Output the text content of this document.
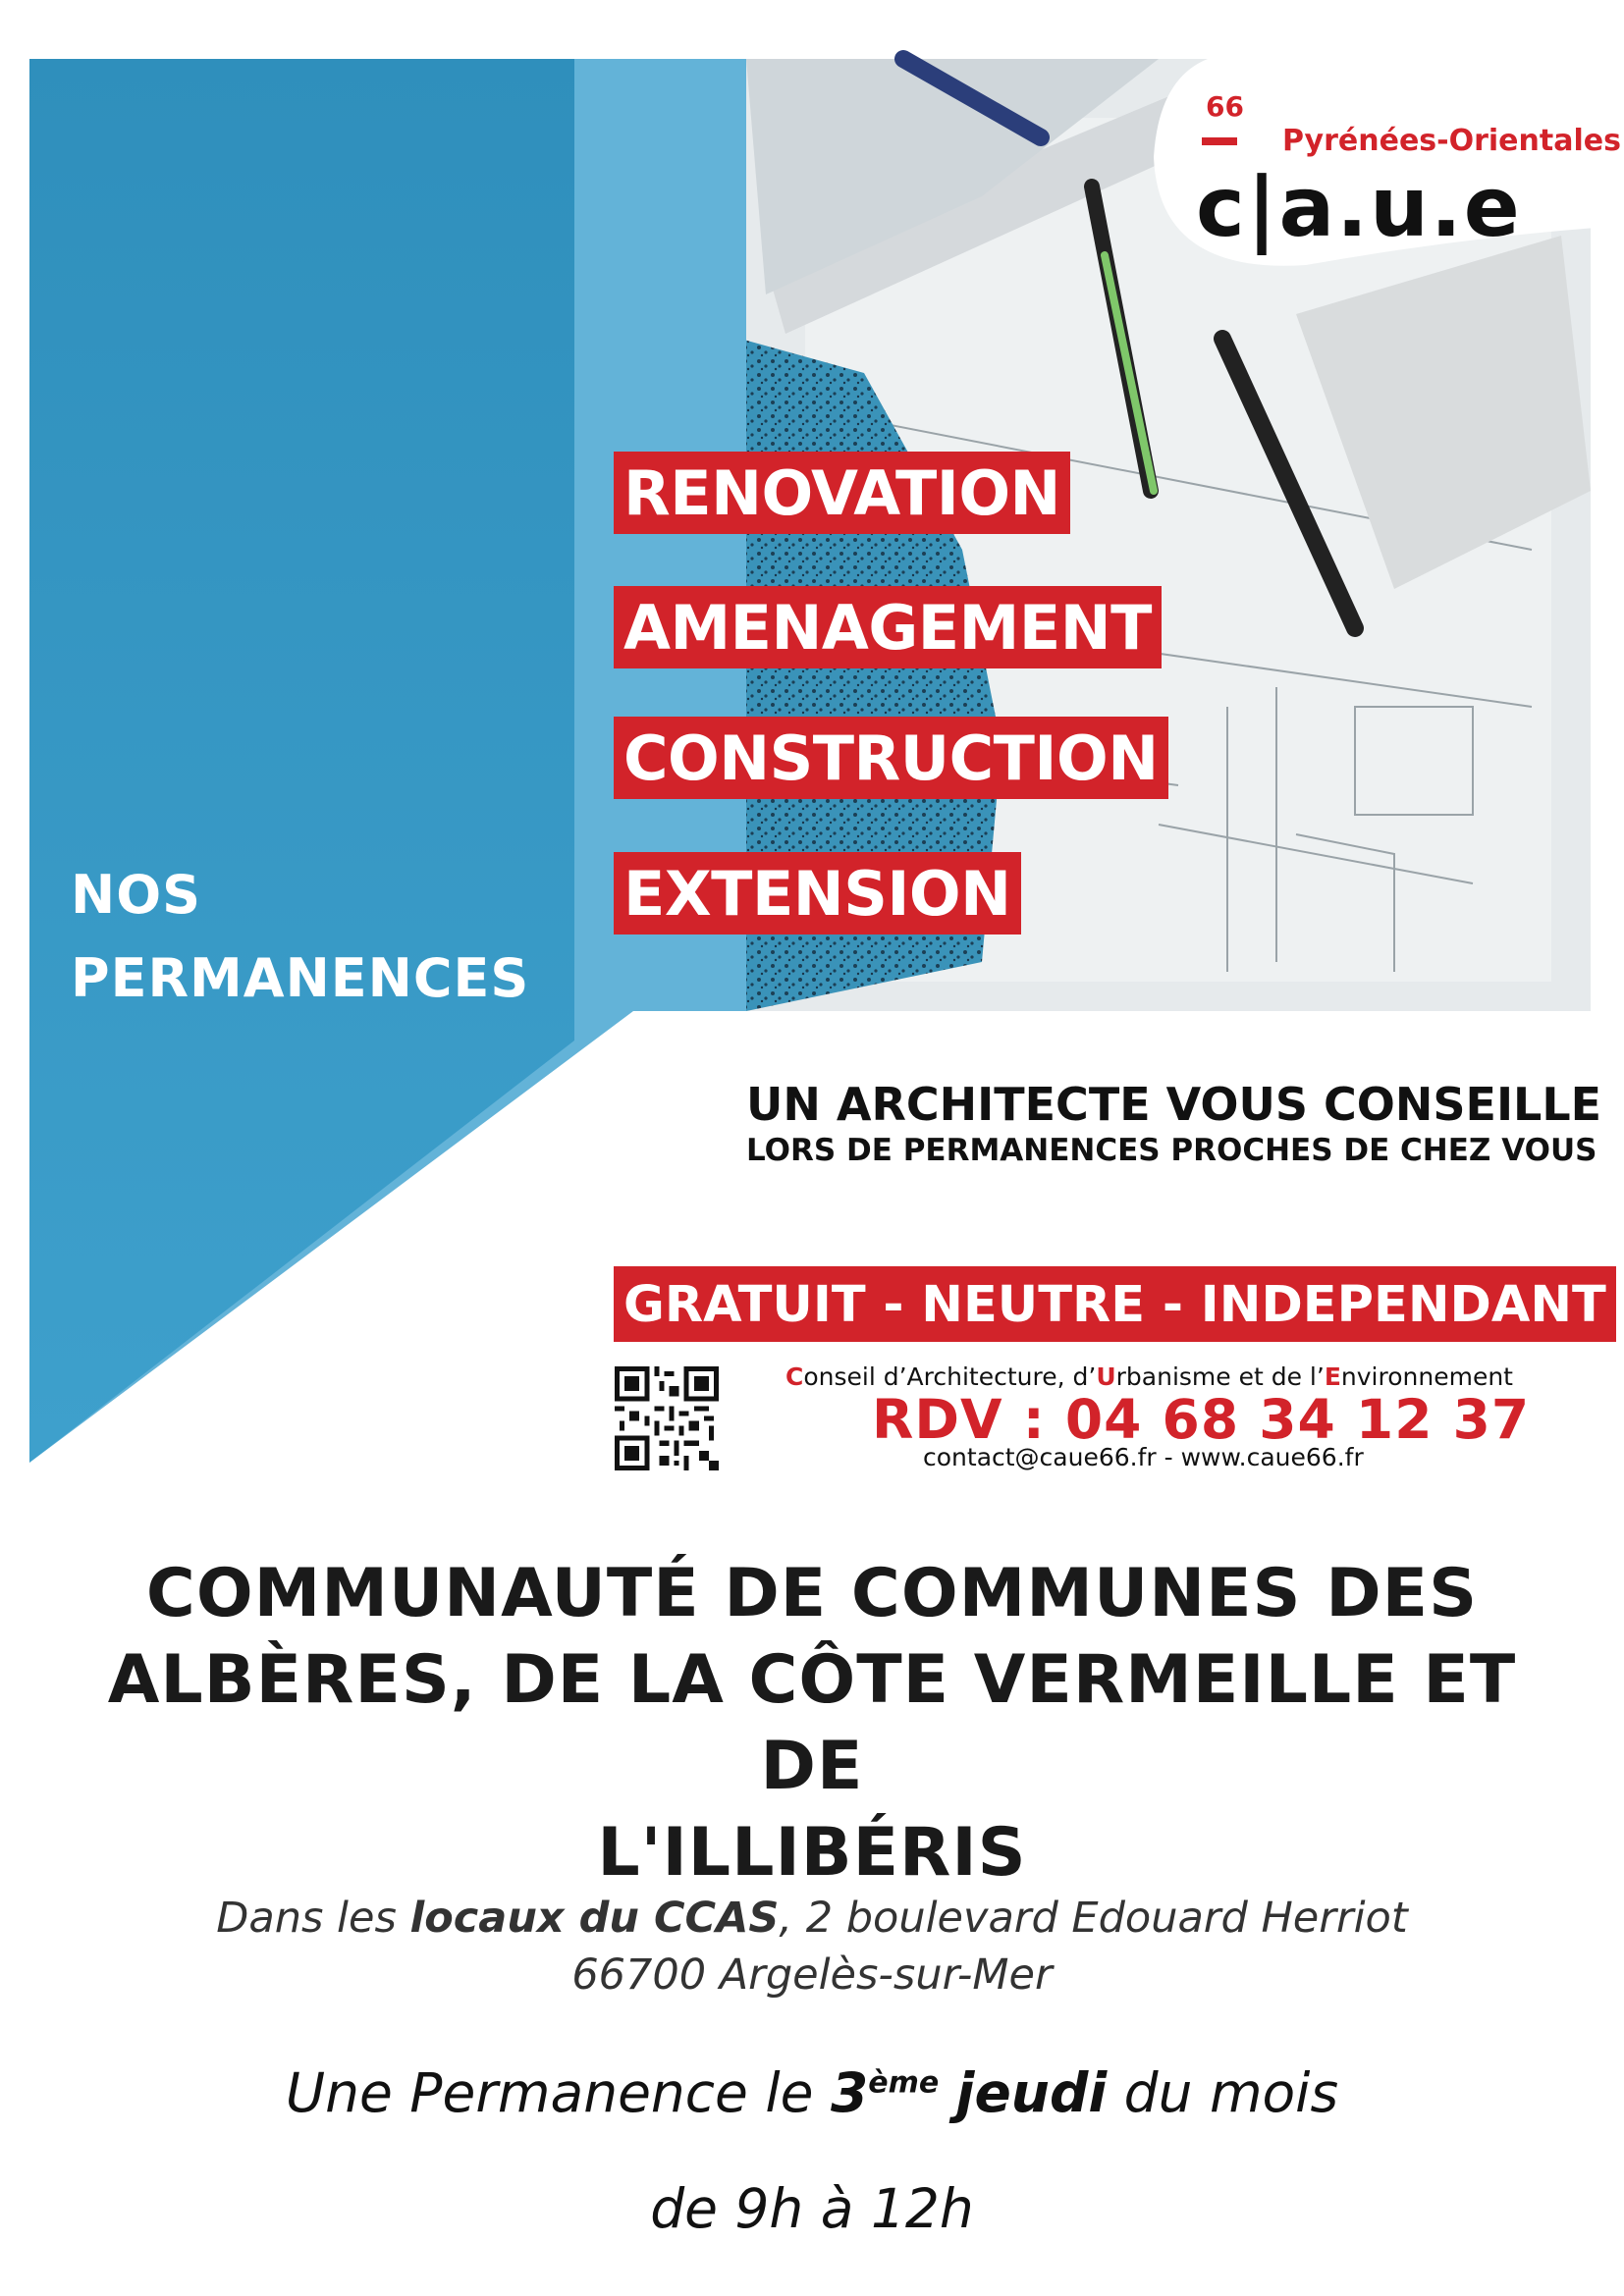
66
Pyrénées-Orientales
c|a.u.e
RENOVATION
AMENAGEMENT
CONSTRUCTION
EXTENSION
NOS
PERMANENCES
UN ARCHITECTE VOUS CONSEILLE
LORS DE PERMANENCES PROCHES DE CHEZ VOUS
GRATUIT - NEUTRE - INDEPENDANT
Conseil d’Architecture, d’Urbanisme et de l’Environnement
RDV : 04 68 34 12 37
contact@caue66.fr - www.caue66.fr
COMMUNAUTÉ DE COMMUNES DES
ALBÈRES, DE LA CÔTE VERMEILLE ET DE
L'ILLIBÉRIS
Dans les locaux du CCAS, 2 boulevard Edouard Herriot
66700 Argelès-sur-Mer
Une Permanence le 3ème jeudi du mois
de 9h à 12h
